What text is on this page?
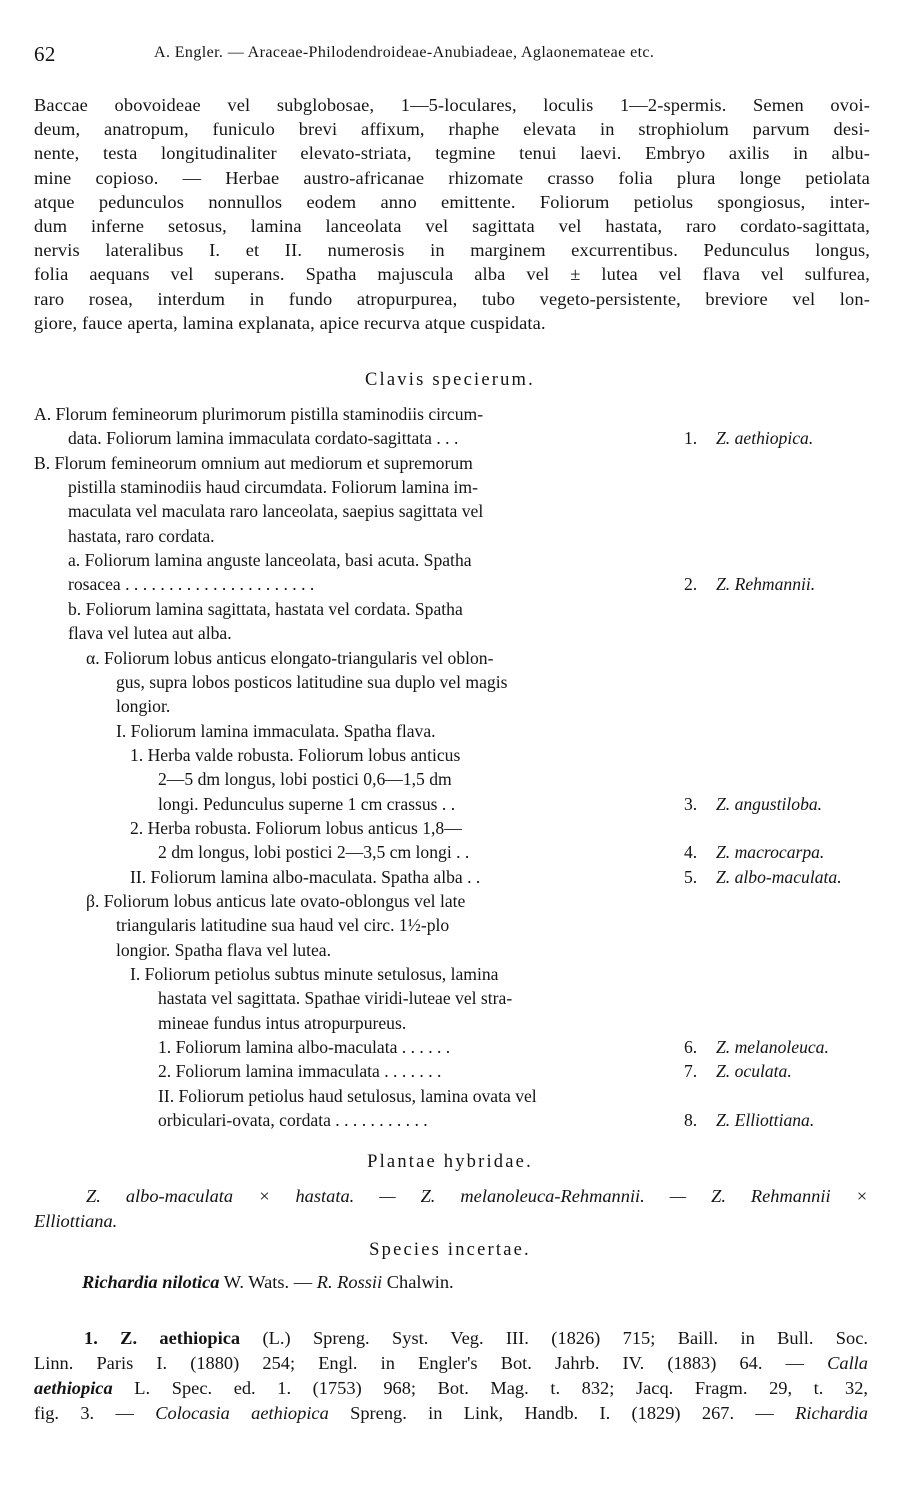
62	A. Engler. — Araceae-Philodendroideae-Anubiadeae, Aglaonemateae etc.
Baccae obovoideae vel subglobosae, 1—5-loculares, loculis 1—2-spermis. Semen ovoi-
deum, anatropum, funiculo brevi affixum, rhaphe elevata in strophiolum parvum desi-
nente, testa longitudinaliter elevato-striata, tegmine tenui laevi. Embryo axilis in albu-
mine copioso. — Herbae austro-africanae rhizomate crasso folia plura longe petiolata
atque pedunculos nonnullos eodem anno emittente. Foliorum petiolus spongiosus, inter-
dum inferne setosus, lamina lanceolata vel sagittata vel hastata, raro cordato-sagittata,
nervis lateralibus I. et II. numerosis in marginem excurrentibus. Pedunculus longus,
folia aequans vel superans. Spatha majuscula alba vel ± lutea vel flava vel sulfurea,
raro rosea, interdum in fundo atropurpurea, tubo vegeto-persistente, breviore vel lon-
giore, fauce aperta, lamina explanata, apice recurva atque cuspidata.
Clavis specierum.
A. Florum femineorum plurimorum pistilla staminodiis circum-
data. Foliorum lamina immaculata cordato-sagittata . . .	1. Z. aethiopica.
B. Florum femineorum omnium aut mediorum et supremorum
pistilla staminodiis haud circumdata. Foliorum lamina im-
maculata vel maculata raro lanceolata, saepius sagittata vel
hastata, raro cordata.
a. Foliorum lamina anguste lanceolata, basi acuta. Spatha
rosacea . . . . . . . . . . . . . . . . . . . . . .	2. Z. Rehmannii.
b. Foliorum lamina sagittata, hastata vel cordata. Spatha
flava vel lutea aut alba.
α. Foliorum lobus anticus elongato-triangularis vel oblon-
gus, supra lobos posticos latitudine sua duplo vel magis
longior.
I. Foliorum lamina immaculata. Spatha flava.
1. Herba valde robusta. Foliorum lobus anticus
2—5 dm longus, lobi postici 0,6—1,5 dm
longi. Pedunculus superne 1 cm crassus . .	3. Z. angustiloba.
2. Herba robusta. Foliorum lobus anticus 1,8—
2 dm longus, lobi postici 2—3,5 cm longi . .	4. Z. macrocarpa.
II. Foliorum lamina albo-maculata. Spatha alba . .	5. Z. albo-maculata.
β. Foliorum lobus anticus late ovato-oblongus vel late
triangularis latitudine sua haud vel circ. 1½-plo
longior. Spatha flava vel lutea.
I. Foliorum petiolus subtus minute setulosus, lamina
hastata vel sagittata. Spathae viridi-luteae vel stra-
mineae fundus intus atropurpureus.
1. Foliorum lamina albo-maculata . . . . . .	6. Z. melanoleuca.
2. Foliorum lamina immaculata . . . . . . .	7. Z. oculata.
II. Foliorum petiolus haud setulosus, lamina ovata vel
orbiculari-ovata, cordata . . . . . . . . . . .	8. Z. Elliottiana.
Plantae hybridae.
Z. albo-maculata × hastata. — Z. melanoleuca-Rehmannii. — Z. Rehmannii ×
Elliottiana.
Species incertae.
Richardia nilotica W. Wats. — R. Rossii Chalwin.
1. Z. aethiopica (L.) Spreng. Syst. Veg. III. (1826) 715; Baill. in Bull. Soc.
Linn. Paris I. (1880) 254; Engl. in Engler's Bot. Jahrb. IV. (1883) 64. — Calla
aethiopica L. Spec. ed. 1. (1753) 968; Bot. Mag. t. 832; Jacq. Fragm. 29, t. 32,
fig. 3. — Colocasia aethiopica Spreng. in Link, Handb. I. (1829) 267. — Richardia
